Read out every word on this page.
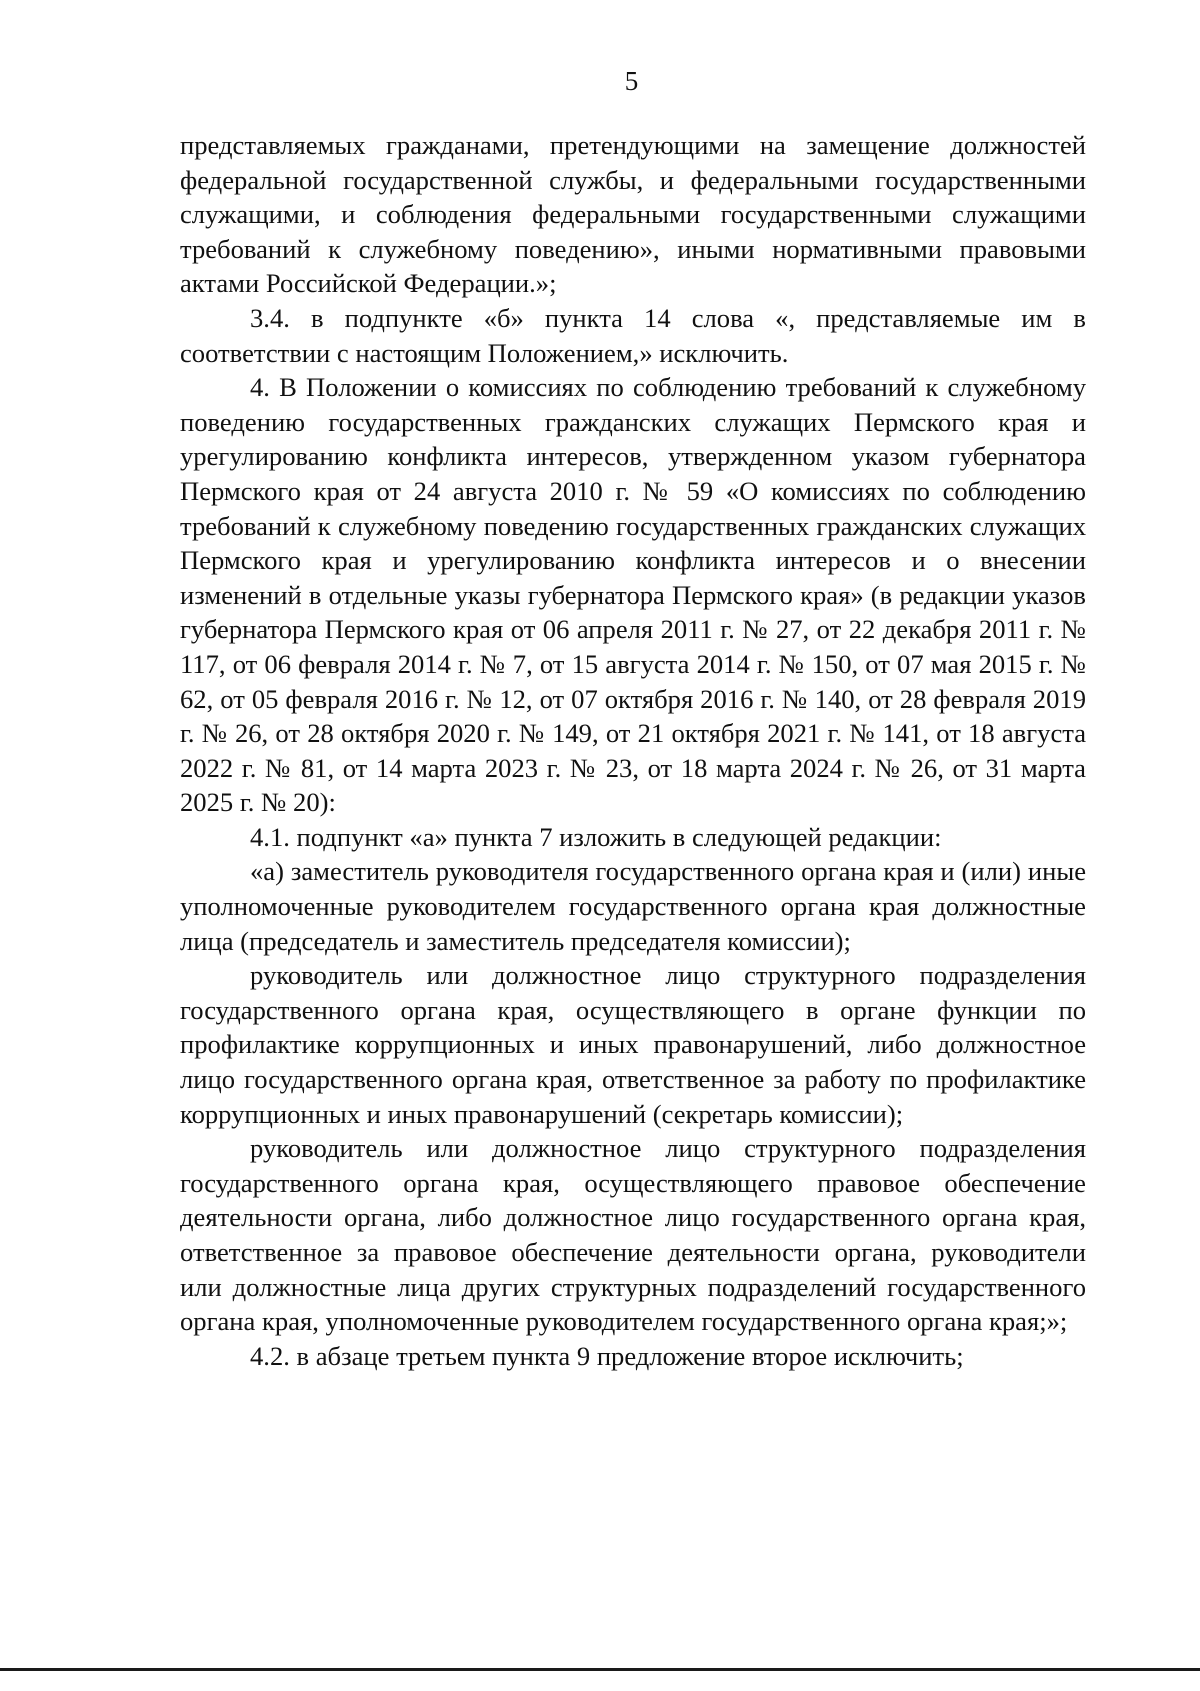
5

представляемых гражданами, претендующими на замещение должностей федеральной государственной службы, и федеральными государственными служащими, и соблюдения федеральными государственными служащими требований к служебному поведению», иными нормативными правовыми актами Российской Федерации.»;

3.4. в подпункте «б» пункта 14 слова «, представляемые им в соответствии с настоящим Положением,» исключить.

4. В Положении о комиссиях по соблюдению требований к служебному поведению государственных гражданских служащих Пермского края и урегулированию конфликта интересов, утвержденном указом губернатора Пермского края от 24 августа 2010 г. № 59 «О комиссиях по соблюдению требований к служебному поведению государственных гражданских служащих Пермского края и урегулированию конфликта интересов и о внесении изменений в отдельные указы губернатора Пермского края» (в редакции указов губернатора Пермского края от 06 апреля 2011 г. № 27, от 22 декабря 2011 г. № 117, от 06 февраля 2014 г. № 7, от 15 августа 2014 г. № 150, от 07 мая 2015 г. № 62, от 05 февраля 2016 г. № 12, от 07 октября 2016 г. № 140, от 28 февраля 2019 г. № 26, от 28 октября 2020 г. № 149, от 21 октября 2021 г. № 141, от 18 августа 2022 г. № 81, от 14 марта 2023 г. № 23, от 18 марта 2024 г. № 26, от 31 марта 2025 г. № 20):

4.1. подпункт «а» пункта 7 изложить в следующей редакции:

«а) заместитель руководителя государственного органа края и (или) иные уполномоченные руководителем государственного органа края должностные лица (председатель и заместитель председателя комиссии);

руководитель или должностное лицо структурного подразделения государственного органа края, осуществляющего в органе функции по профилактике коррупционных и иных правонарушений, либо должностное лицо государственного органа края, ответственное за работу по профилактике коррупционных и иных правонарушений (секретарь комиссии);

руководитель или должностное лицо структурного подразделения государственного органа края, осуществляющего правовое обеспечение деятельности органа, либо должностное лицо государственного органа края, ответственное за правовое обеспечение деятельности органа, руководители или должностные лица других структурных подразделений государственного органа края, уполномоченные руководителем государственного органа края;»;

4.2. в абзаце третьем пункта 9 предложение второе исключить;
